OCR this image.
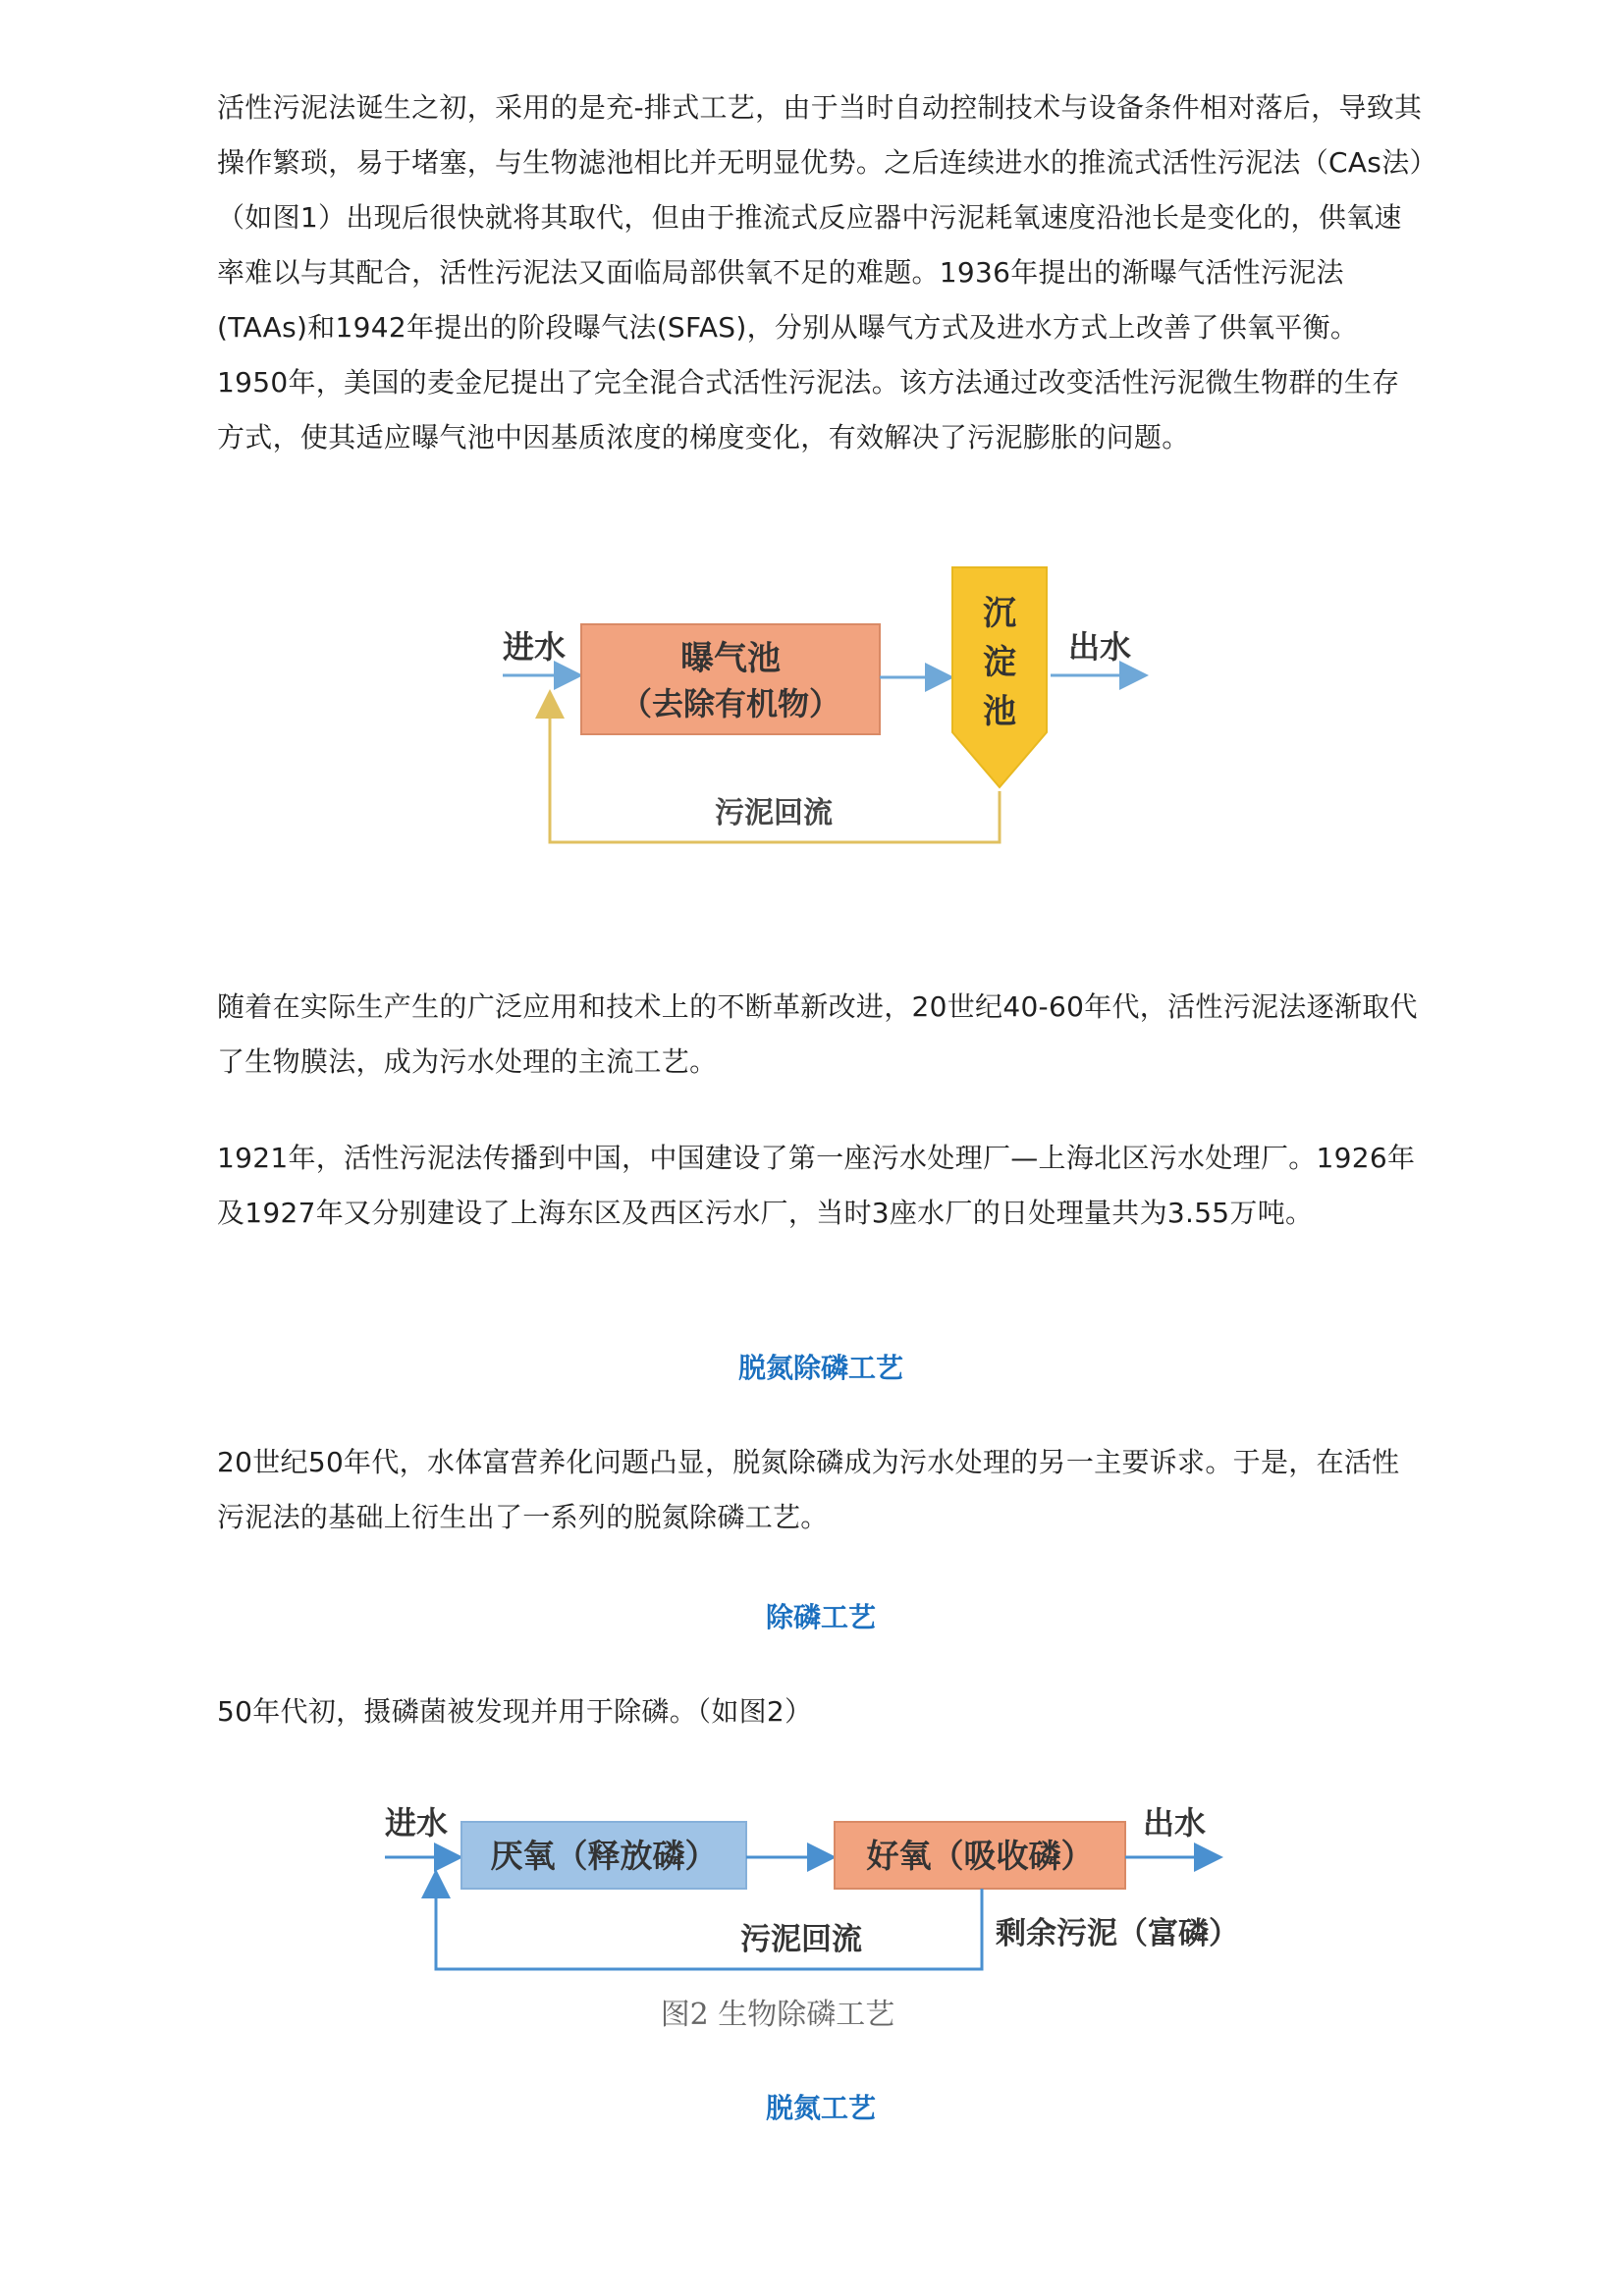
活性污泥法诞生之初，采用的是充-排式工艺，由于当时自动控制技术与设备条件相对落后，导致其操作繁琐，易于堵塞，与生物滤池相比并无明显优势。之后连续进水的推流式活性污泥法（CAs法）（如图1）出现后很快就将其取代，但由于推流式反应器中污泥耗氧速度沿池长是变化的，供氧速率难以与其配合，活性污泥法又面临局部供氧不足的难题。1936年提出的渐曝气活性污泥法(TAAs)和1942年提出的阶段曝气法(SFAS)，分别从曝气方式及进水方式上改善了供氧平衡。1950年，美国的麦金尼提出了完全混合式活性污泥法。该方法通过改变活性污泥微生物群的生存方式，使其适应曝气池中因基质浓度的梯度变化，有效解决了污泥膨胀的问题。

进水	曝气池
（去除有机物）
沉
淀
池
出水
污泥回流

随着在实际生产生的广泛应用和技术上的不断革新改进，20世纪40-60年代，活性污泥法逐渐取代了生物膜法，成为污水处理的主流工艺。

1921年，活性污泥法传播到中国，中国建设了第一座污水处理厂—上海北区污水处理厂。1926年及1927年又分别建设了上海东区及西区污水厂，当时3座水厂的日处理量共为3.55万吨。

脱氮除磷工艺

20世纪50年代，水体富营养化问题凸显，脱氮除磷成为污水处理的另一主要诉求。于是，在活性污泥法的基础上衍生出了一系列的脱氮除磷工艺。

除磷工艺

50年代初，摄磷菌被发现并用于除磷。（如图2）

进水
厌氧（释放磷）	好氧（吸收磷）
出水
污泥回流	剩余污泥（富磷）
图2 生物除磷工艺
脱氮工艺
